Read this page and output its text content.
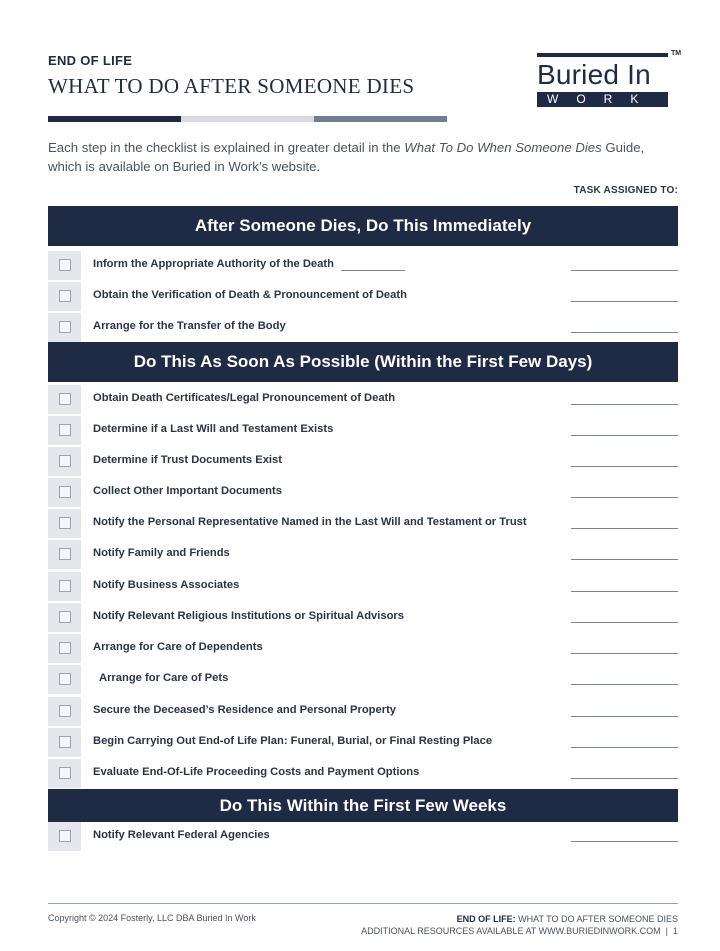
END OF LIFE
WHAT TO DO AFTER SOMEONE DIES
TM
Buried In
WORK

Each step in the checklist is explained in greater detail in the What To Do When Someone Dies Guide, which is available on Buried in Work’s website.

TASK ASSIGNED TO:
After Someone Dies, Do This Immediately
Inform the Appropriate Authority of the Death
Obtain the Verification of Death & Pronouncement of Death
Arrange for the Transfer of the Body
Do This As Soon As Possible (Within the First Few Days)
Obtain Death Certificates/Legal Pronouncement of Death
Determine if a Last Will and Testament Exists
Determine if Trust Documents Exist
Collect Other Important Documents
Notify the Personal Representative Named in the Last Will and Testament or Trust
Notify Family and Friends
Notify Business Associates
Notify Relevant Religious Institutions or Spiritual Advisors
Arrange for Care of Dependents
Arrange for Care of Pets
Secure the Deceased’s Residence and Personal Property
Begin Carrying Out End-of Life Plan: Funeral, Burial, or Final Resting Place
Evaluate End-Of-Life Proceeding Costs and Payment Options
Do This Within the First Few Weeks
Notify Relevant Federal Agencies
Copyright © 2024 Fosterly, LLC DBA Buried In Work	END OF LIFE: WHAT TO DO AFTER SOMEONE DIES
ADDITIONAL RESOURCES AVAILABLE AT WWW.BURIEDINWORK.COM | 1
